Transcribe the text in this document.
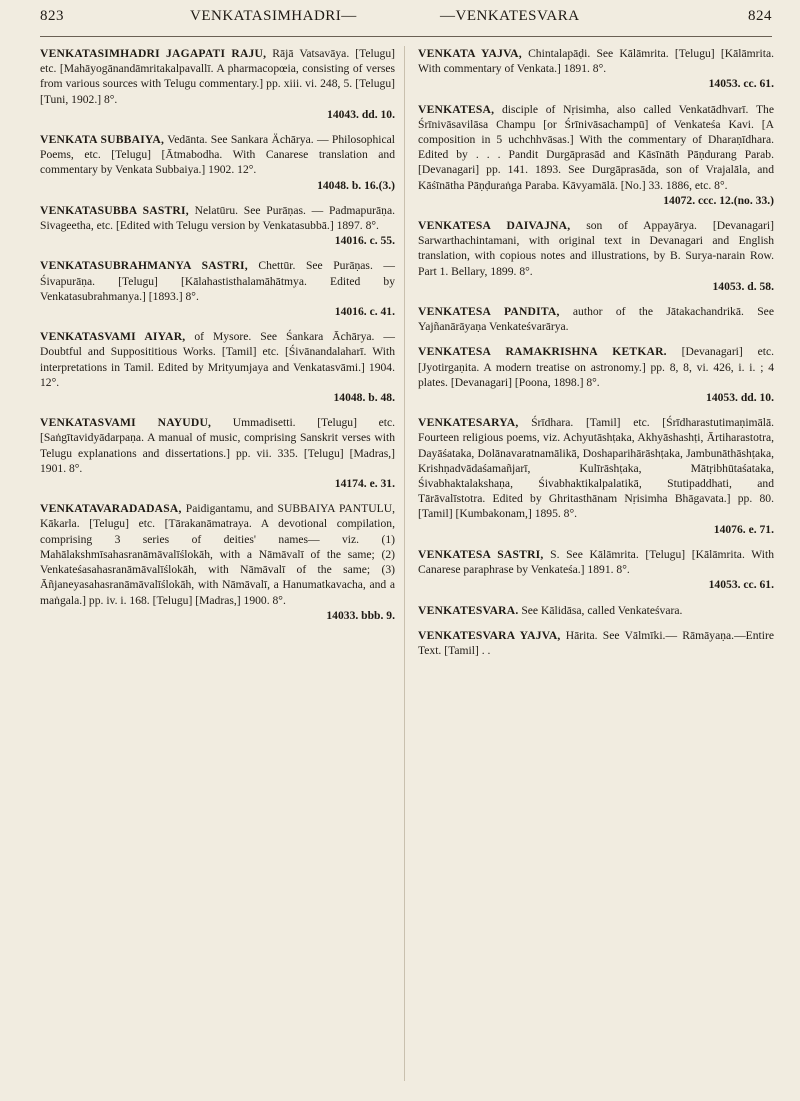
823	VENKATASIMHADRI—	—VENKATESVARA	824
VENKATASIMHADRI JAGAPATI RAJU, Rājā Vatsavāya. [Telugu] etc. [Mahāyogānandāmritakalpavallī. A pharmacopœia, consisting of verses from various sources with Telugu commentary.] pp. xiii. vi. 248, 5. [Telugu] [Tuni, 1902.] 8°.
14043. dd. 10.
VENKATA SUBBAIYA, Vedānta. See Sankara Ächārya. — Philosophical Poems, etc. [Telugu] [Ātmabodha. With Canarese translation and commentary by Venkata Subbaiya.] 1902. 12°.
14048. b. 16.(3.)
VENKATASUBBA SASTRI, Nelatūru. See Purāṇas. — Padmapurāṇa. Sivageetha, etc. [Edited with Telugu version by Venkatasubbā.] 1897. 8°.
14016. c. 55.
VENKATASUBRAHMANYA SASTRI, Chettūr. See Purāṇas. — Śivapurāṇa. [Telugu] [Kālahastisthalamāhātmya. Edited by Venkatasubrahmanya.] [1893.] 8°.
14016. c. 41.
VENKATASVAMI AIYAR, of Mysore. See Śankara Āchārya. — Doubtful and Supposititious Works. [Tamil] etc. [Śivānandalaharī. With interpretations in Tamil. Edited by Mrityumjaya and Venkatasvāmi.] 1904. 12°.
14048. b. 48.
VENKATASVAMI NAYUDU, Ummadisetti. [Telugu] etc. [Saṅgītavidyādarpaṇa. A manual of music, comprising Sanskrit verses with Telugu explanations and dissertations.] pp. vii. 335. [Telugu] [Madras,] 1901. 8°.
14174. e. 31.
VENKATAVARADADASA, Paidigantamu, and SUBBAIYA PANTULU, Kākarla. [Telugu] etc. [Tārakanāmatraya. A devotional compilation, comprising 3 series of deities' names— viz. (1) Mahālakshmīsahasranāmāvalīślokāh, with a Nāmāvalī of the same; (2) Venkateśasahasranāmāvalīślokāh, with Nāmāvalī of the same; (3) Āñjaneyasahasranāmāvalīślokāh, with Nāmāvalī, a Hanumatkavacha, and a maṅgala.] pp. iv. i. 168. [Telugu] [Madras,] 1900. 8°.
14033. bbb. 9.
VENKATA YAJVA, Chintalapāḍi. See Kālāmrita. [Telugu] [Kālāmrita. With commentary of Venkata.] 1891. 8°.
14053. cc. 61.
VENKATESA, disciple of Nṛisimha, also called Venkatādhvarī. The Śrīnivāsavilāsa Champu [or Śrīnivāsachampū] of Venkateśa Kavi. [A composition in 5 uchchhvāsas.] With the commentary of Dharaṇīdhara. Edited by . . . Pandit Durgāprasād and Kāsīnāth Pāṇdurang Parab. [Devanagari] pp. 141. 1893. See Durgāprasāda, son of Vrajalāla, and Kāśīnātha Pāṇḍuraṅga Paraba. Kāvyamālā. [No.] 33. 1886, etc. 8°.
14072. ccc. 12.(no. 33.)
VENKATESA DAIVAJNA, son of Appayārya. [Devanagari] Sarwarthachintamani, with original text in Devanagari and English translation, with copious notes and illustrations, by B. Surya-narain Row. Part 1. Bellary, 1899. 8°.
14053. d. 58.
VENKATESA PANDITA, author of the Jātakachandrikā. See Yajñanārāyaṇa Venkateśvarārya.
VENKATESA RAMAKRISHNA KETKAR. [Devanagari] etc. [Jyotirgaṇita. A modern treatise on astronomy.] pp. 8, 8, vi. 426, i. i. ; 4 plates. [Devanagari] [Poona, 1898.] 8°.
14053. dd. 10.
VENKATESARYA, Śrīdhara. [Tamil] etc. [Śrīdharastutimaṇimālā. Fourteen religious poems, viz. Achyutāshṭaka, Akhyāshashṭi, Ārtiharastotra, Dayāśataka, Dolānavaratnamālikā, Doshaparihārāshṭaka, Jambunāthāshṭaka, Krishṇadvādaśamañjarī, Kulīrāshṭaka, Mātṛibhūtaśataka, Śivabhaktalakshaṇa, Śivabhaktikalpalatikā, Stutipaddhati, and Tārāvalīstotra. Edited by Ghritasthānam Nṛisimha Bhāgavata.] pp. 80. [Tamil] [Kumbakonam,] 1895. 8°.
14076. e. 71.
VENKATESA SASTRI, S. See Kālāmrita. [Telugu] [Kālāmrita. With Canarese paraphrase by Venkateśa.] 1891. 8°.
14053. cc. 61.
VENKATESVARA. See Kālidāsa, called Venkateśvara.
VENKATESVARA YAJVA, Hārita. See Vālmīki.— Rāmāyaṇa.—Entire Text. [Tamil] . .
